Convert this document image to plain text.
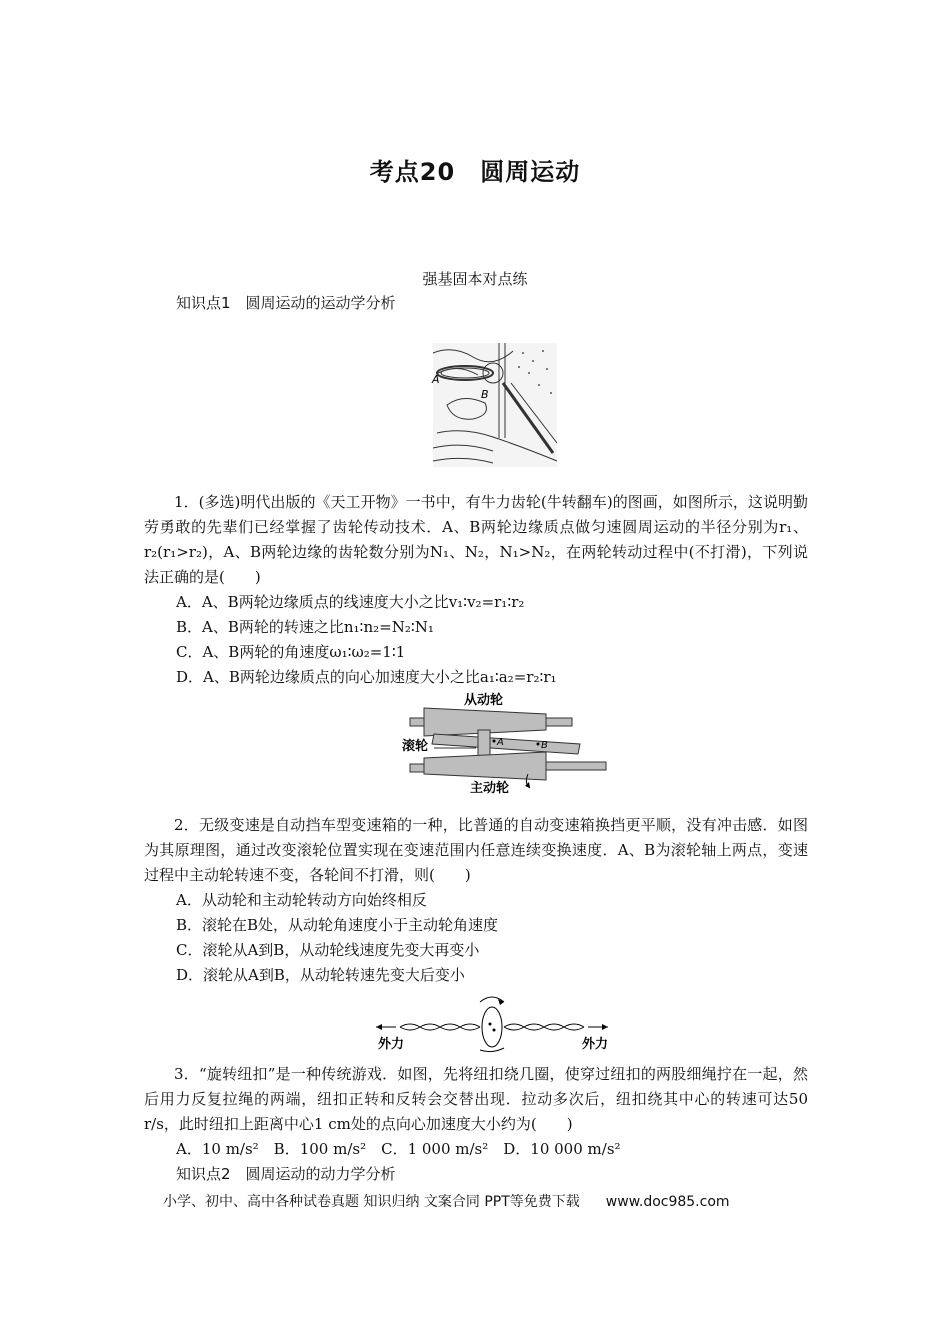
考点20　圆周运动
强基固本对点练
知识点1　圆周运动的运动学分析
A
B
1．(多选)明代出版的《天工开物》一书中，有牛力齿轮(牛转翻车)的图画，如图所示，这说明勤劳勇敢的先辈们已经掌握了齿轮传动技术．A、B两轮边缘质点做匀速圆周运动的半径分别为r₁、r₂(r₁>r₂)，A、B两轮边缘的齿轮数分别为N₁、N₂，N₁>N₂，在两轮转动过程中(不打滑)，下列说法正确的是(　　)
A．A、B两轮边缘质点的线速度大小之比v₁∶v₂=r₁∶r₂
B．A、B两轮的转速之比n₁∶n₂=N₂∶N₁
C．A、B两轮的角速度ω₁∶ω₂=1∶1
D．A、B两轮边缘质点的向心加速度大小之比a₁∶a₂=r₂∶r₁
从动轮
滚轮
主动轮
A	B
2．无级变速是自动挡车型变速箱的一种，比普通的自动变速箱换挡更平顺，没有冲击感．如图为其原理图，通过改变滚轮位置实现在变速范围内任意连续变换速度．A、B为滚轮轴上两点，变速过程中主动轮转速不变，各轮间不打滑，则(　　)
A．从动轮和主动轮转动方向始终相反
B．滚轮在B处，从动轮角速度小于主动轮角速度
C．滚轮从A到B，从动轮线速度先变大再变小
D．滚轮从A到B，从动轮转速先变大后变小
外力	外力
3．“旋转纽扣”是一种传统游戏．如图，先将纽扣绕几圈，使穿过纽扣的两股细绳拧在一起，然后用力反复拉绳的两端，纽扣正转和反转会交替出现．拉动多次后，纽扣绕其中心的转速可达50 r/s，此时纽扣上距离中心1 cm处的点向心加速度大小约为(　　)
A．10 m/s²　B．100 m/s²　C．1 000 m/s²　D．10 000 m/s²
知识点2　圆周运动的动力学分析
小学、初中、高中各种试卷真题 知识归纳 文案合同 PPT等免费下载 www.doc985.com
